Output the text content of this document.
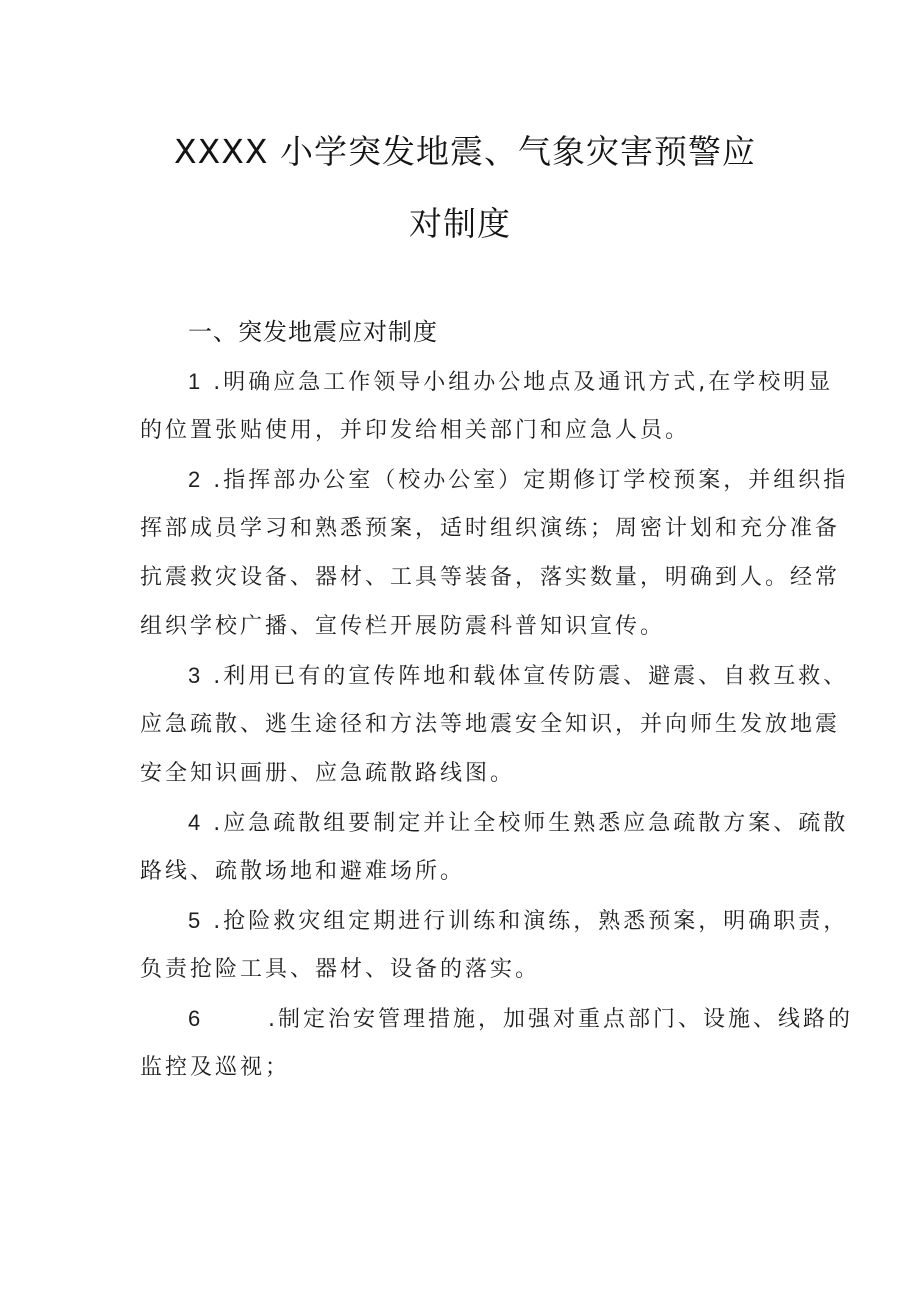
XXXX 小学突发地震、气象灾害预警应
对制度
一、突发地震应对制度
1 .明确应急工作领导小组办公地点及通讯方式,在学校明显
的位置张贴使用，并印发给相关部门和应急人员。
2 .指挥部办公室（校办公室）定期修订学校预案，并组织指
挥部成员学习和熟悉预案，适时组织演练；周密计划和充分准备
抗震救灾设备、器材、工具等装备，落实数量，明确到人。经常
组织学校广播、宣传栏开展防震科普知识宣传。
3 .利用已有的宣传阵地和载体宣传防震、避震、自救互救、
应急疏散、逃生途径和方法等地震安全知识，并向师生发放地震
安全知识画册、应急疏散路线图。
4 .应急疏散组要制定并让全校师生熟悉应急疏散方案、疏散
路线、疏散场地和避难场所。
5 .抢险救灾组定期进行训练和演练，熟悉预案，明确职责，
负责抢险工具、器材、设备的落实。
6	.制定治安管理措施，加强对重点部门、设施、线路的
监控及巡视；
